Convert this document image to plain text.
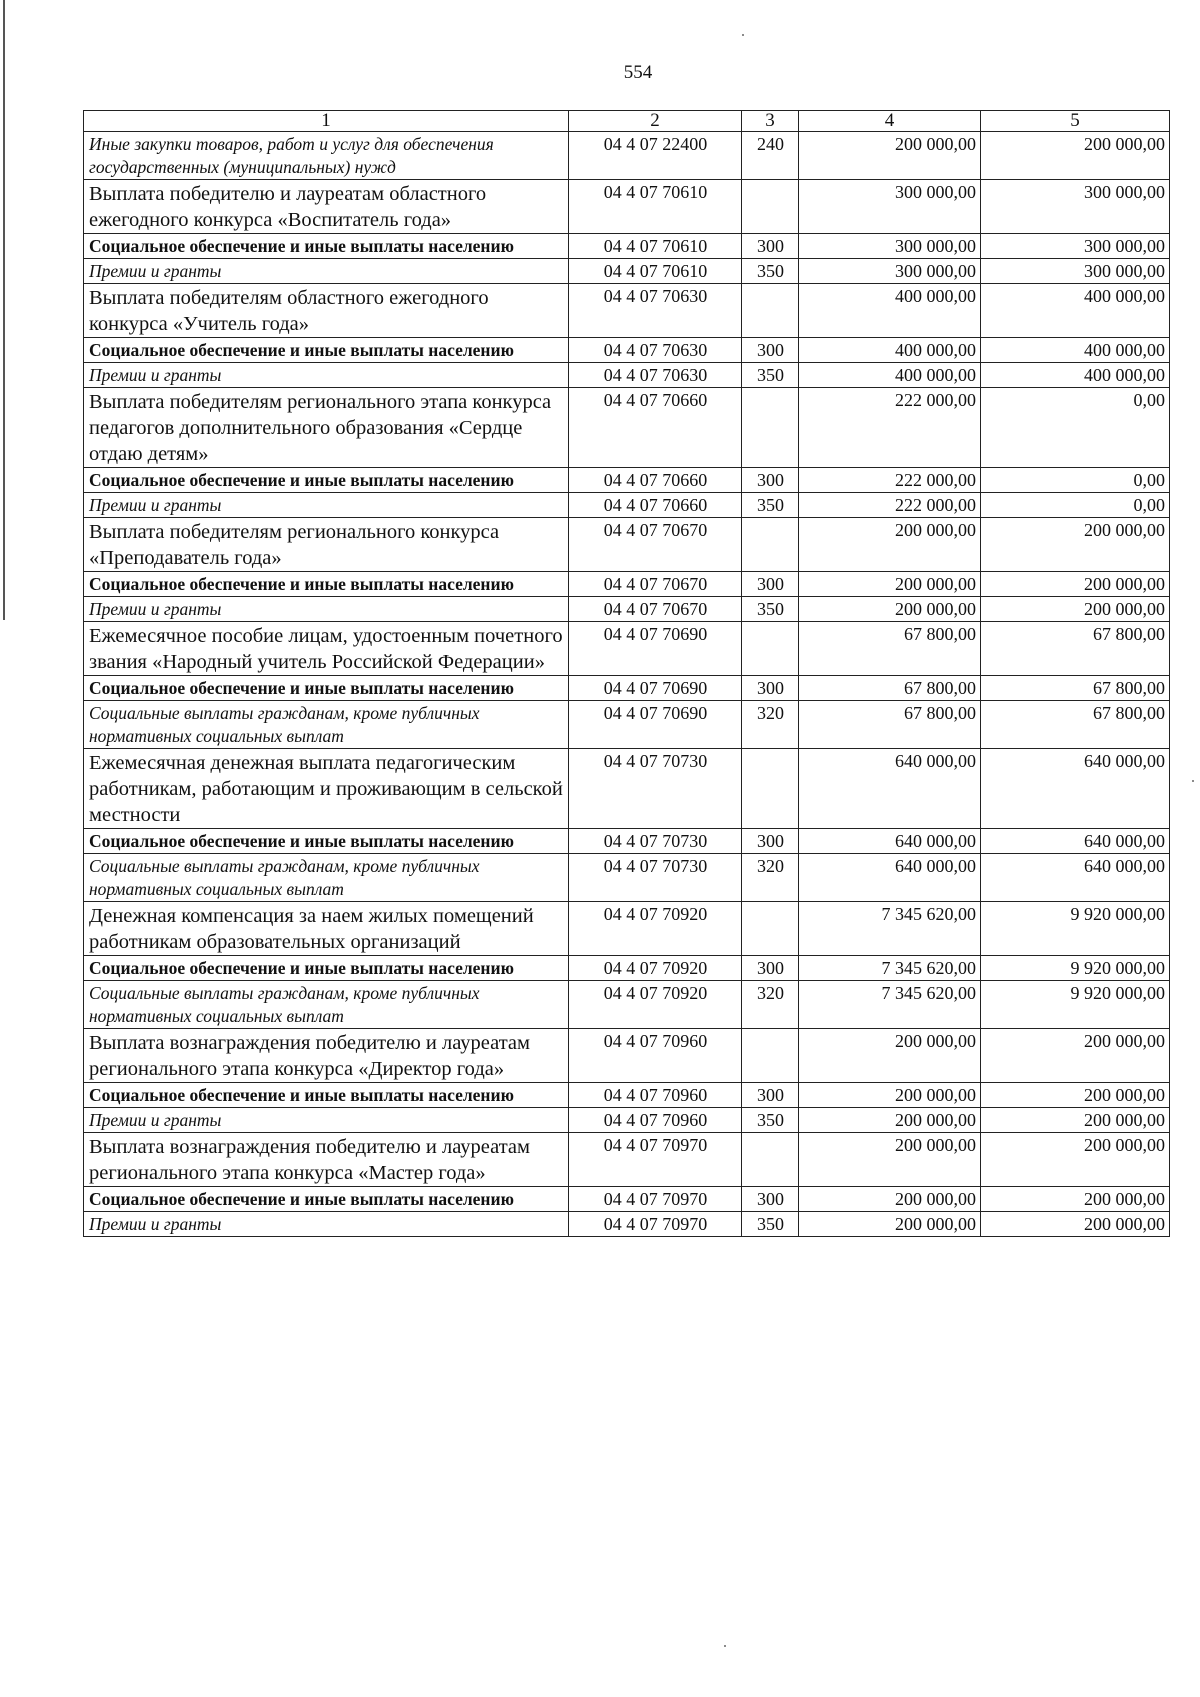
554
1	2	3	4	5
Иные закупки товаров, работ и услуг для обеспечения государственных (муниципальных) нужд	04 4 07 22400	240	200 000,00	200 000,00
Выплата победителю и лауреатам областного ежегодного конкурса «Воспитатель года»	04 4 07 70610		300 000,00	300 000,00
Социальное обеспечение и иные выплаты населению	04 4 07 70610	300	300 000,00	300 000,00
Премии и гранты	04 4 07 70610	350	300 000,00	300 000,00
Выплата победителям областного ежегодного конкурса «Учитель года»	04 4 07 70630		400 000,00	400 000,00
Социальное обеспечение и иные выплаты населению	04 4 07 70630	300	400 000,00	400 000,00
Премии и гранты	04 4 07 70630	350	400 000,00	400 000,00
Выплата победителям регионального этапа конкурса педагогов дополнительного образования «Сердце отдаю детям»	04 4 07 70660		222 000,00	0,00
Социальное обеспечение и иные выплаты населению	04 4 07 70660	300	222 000,00	0,00
Премии и гранты	04 4 07 70660	350	222 000,00	0,00
Выплата победителям регионального конкурса «Преподаватель года»	04 4 07 70670		200 000,00	200 000,00
Социальное обеспечение и иные выплаты населению	04 4 07 70670	300	200 000,00	200 000,00
Премии и гранты	04 4 07 70670	350	200 000,00	200 000,00
Ежемесячное пособие лицам, удостоенным почетного звания «Народный учитель Российской Федерации»	04 4 07 70690		67 800,00	67 800,00
Социальное обеспечение и иные выплаты населению	04 4 07 70690	300	67 800,00	67 800,00
Социальные выплаты гражданам, кроме публичных нормативных социальных выплат	04 4 07 70690	320	67 800,00	67 800,00
Ежемесячная денежная выплата педагогическим работникам, работающим и проживающим в сельской местности	04 4 07 70730		640 000,00	640 000,00
Социальное обеспечение и иные выплаты населению	04 4 07 70730	300	640 000,00	640 000,00
Социальные выплаты гражданам, кроме публичных нормативных социальных выплат	04 4 07 70730	320	640 000,00	640 000,00
Денежная компенсация за наем жилых помещений работникам образовательных организаций	04 4 07 70920		7 345 620,00	9 920 000,00
Социальное обеспечение и иные выплаты населению	04 4 07 70920	300	7 345 620,00	9 920 000,00
Социальные выплаты гражданам, кроме публичных нормативных социальных выплат	04 4 07 70920	320	7 345 620,00	9 920 000,00
Выплата вознаграждения победителю и лауреатам регионального этапа конкурса «Директор года»	04 4 07 70960		200 000,00	200 000,00
Социальное обеспечение и иные выплаты населению	04 4 07 70960	300	200 000,00	200 000,00
Премии и гранты	04 4 07 70960	350	200 000,00	200 000,00
Выплата вознаграждения победителю и лауреатам регионального этапа конкурса «Мастер года»	04 4 07 70970		200 000,00	200 000,00
Социальное обеспечение и иные выплаты населению	04 4 07 70970	300	200 000,00	200 000,00
Премии и гранты	04 4 07 70970	350	200 000,00	200 000,00
